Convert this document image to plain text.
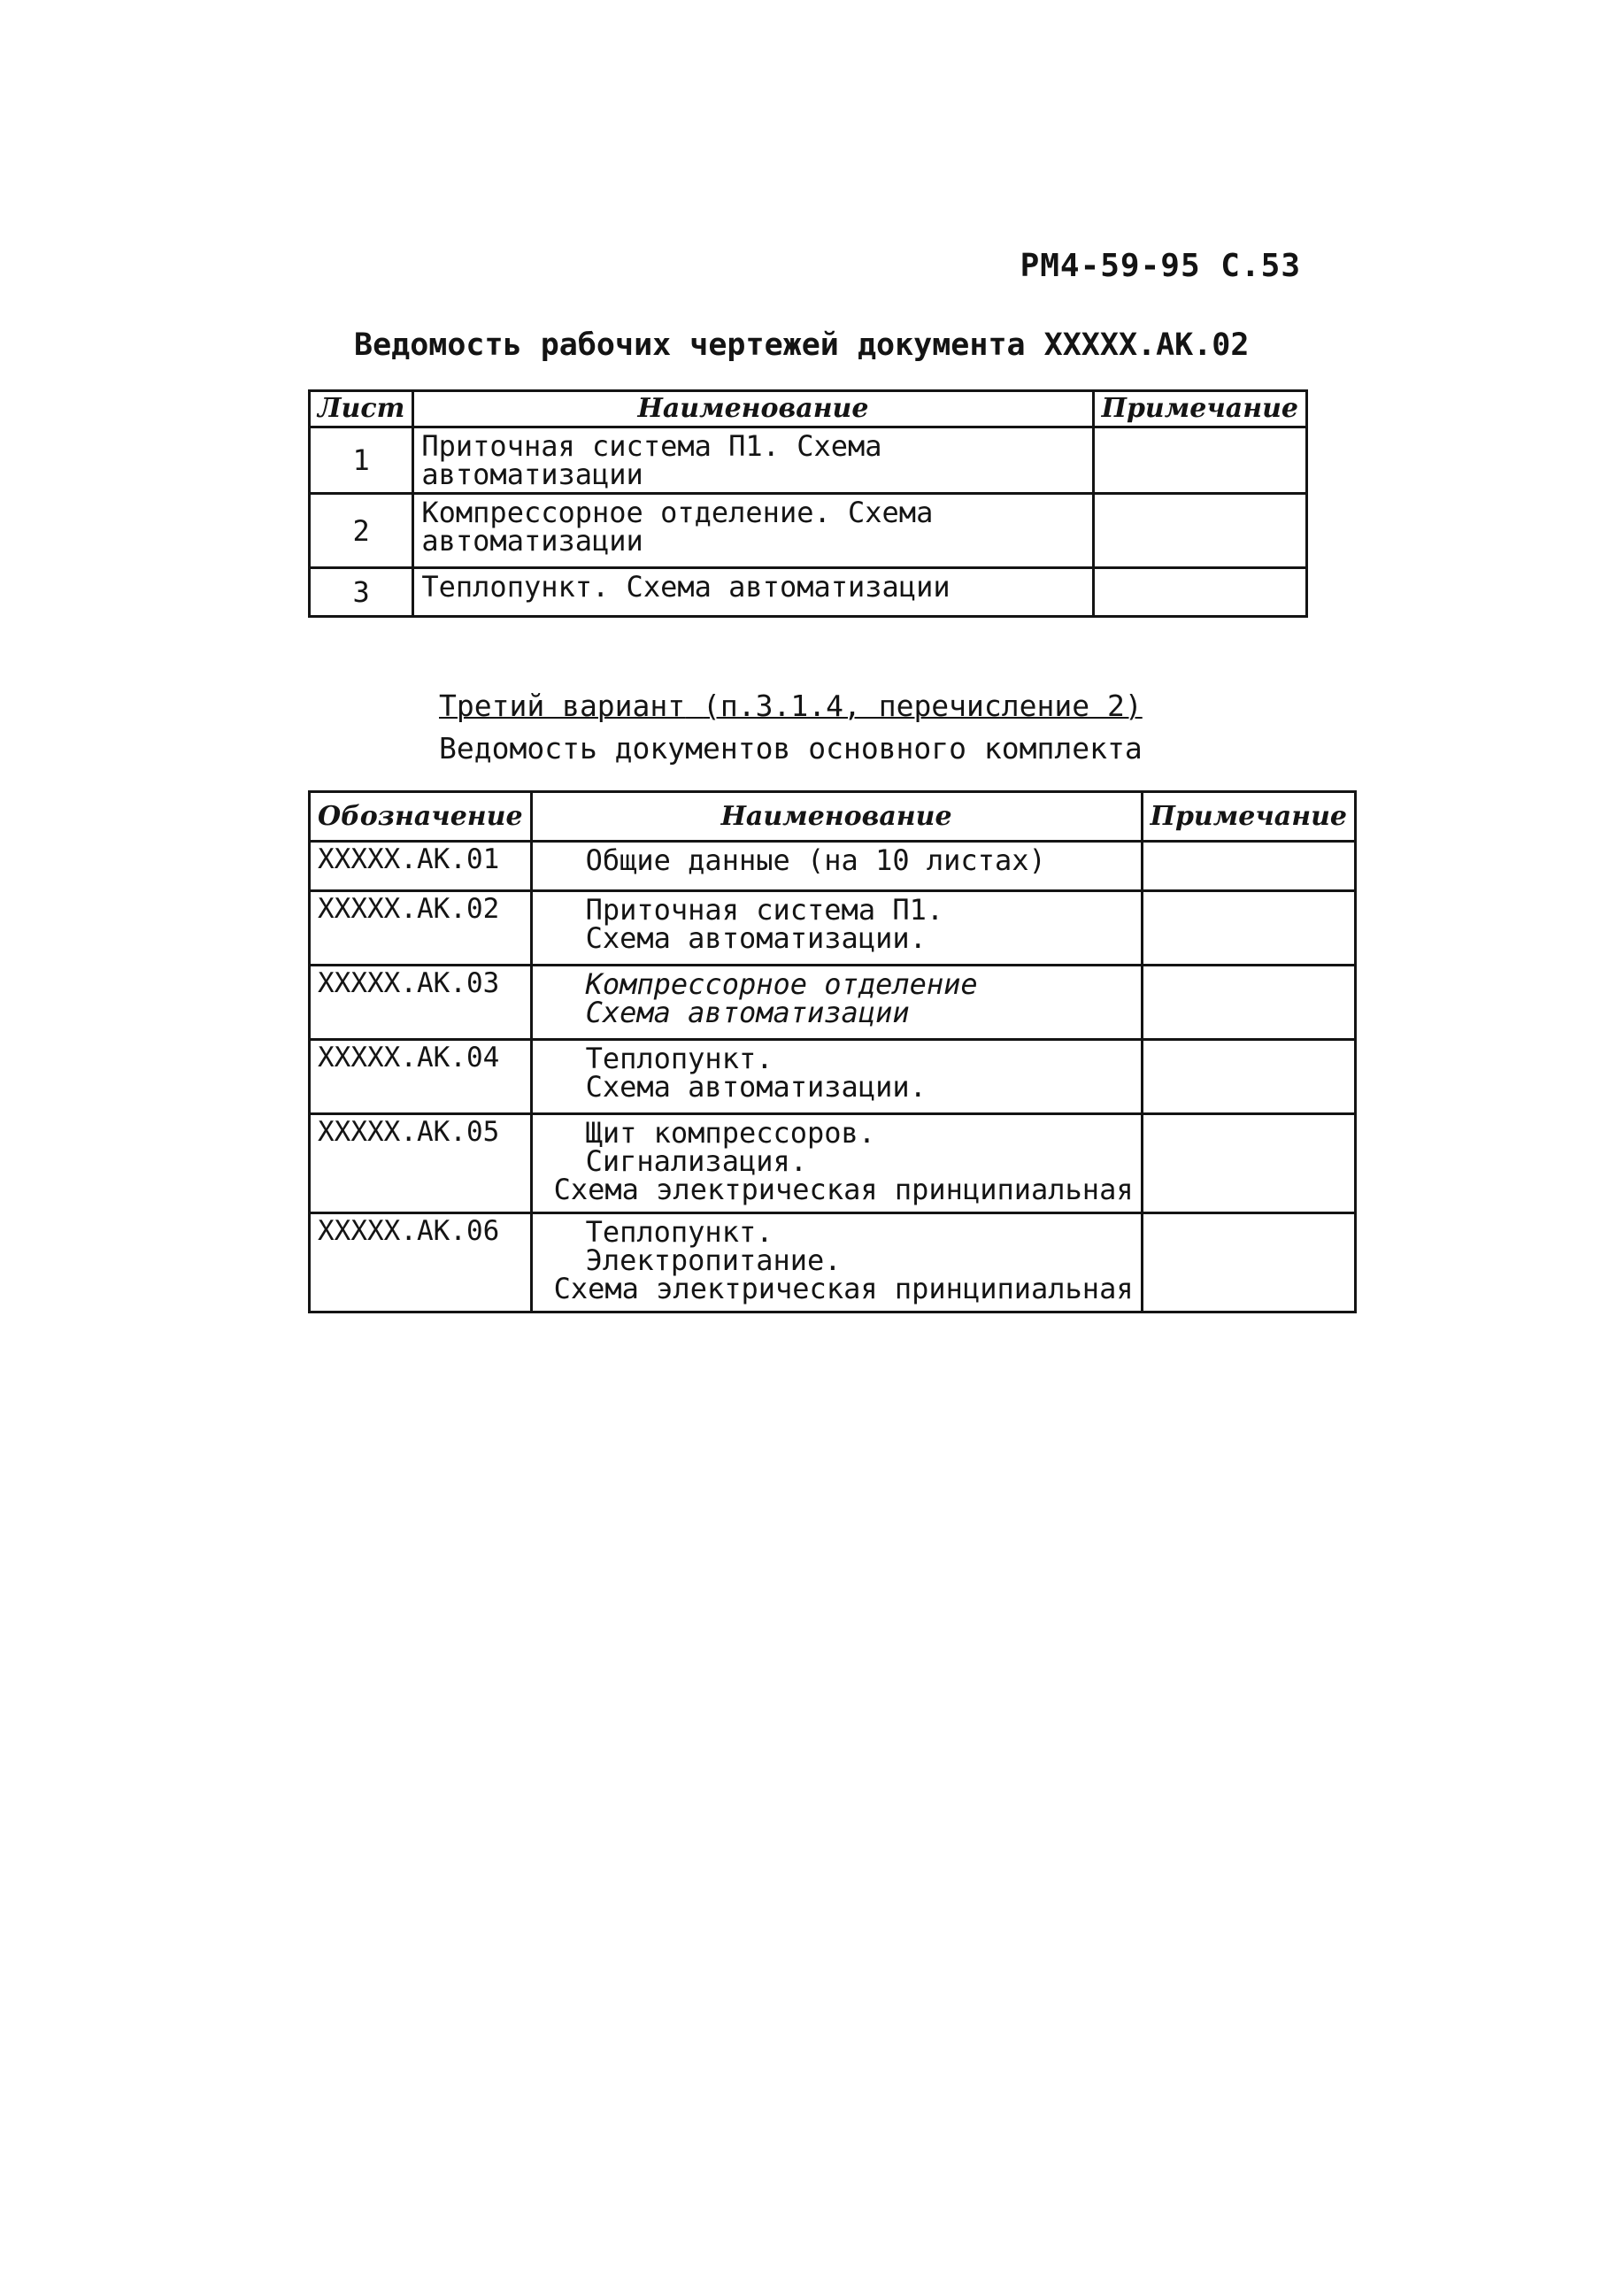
РМ4-59-95 С.53
Ведомость рабочих чертежей документа XXXXX.АК.02
Лист	Наименование	Примечание
1	Приточная система П1. Схема автоматизации	

2	Компрессорное отделение. Схема
автоматизации	

3	Теплопункт. Схема автоматизации	

Третий вариант (п.3.1.4, перечисление 2)
Ведомость документов основного комплекта
Обозначение	Наименование	Примечание
XXXXX.АК.01	Общие данные (на 10 листах)	

XXXXX.АК.02	Приточная система П1.
Схема автоматизации.	

XXXXX.АК.03	Компрессорное отделение
Схема автоматизации	

XXXXX.АК.04	Теплопункт.
Схема автоматизации.	

XXXXX.АК.05	Щит компрессоров.
Сигнализация.
Схема электрическая принципиальная	

XXXXX.АК.06	Теплопункт.
Электропитание.
Схема электрическая принципиальная	
